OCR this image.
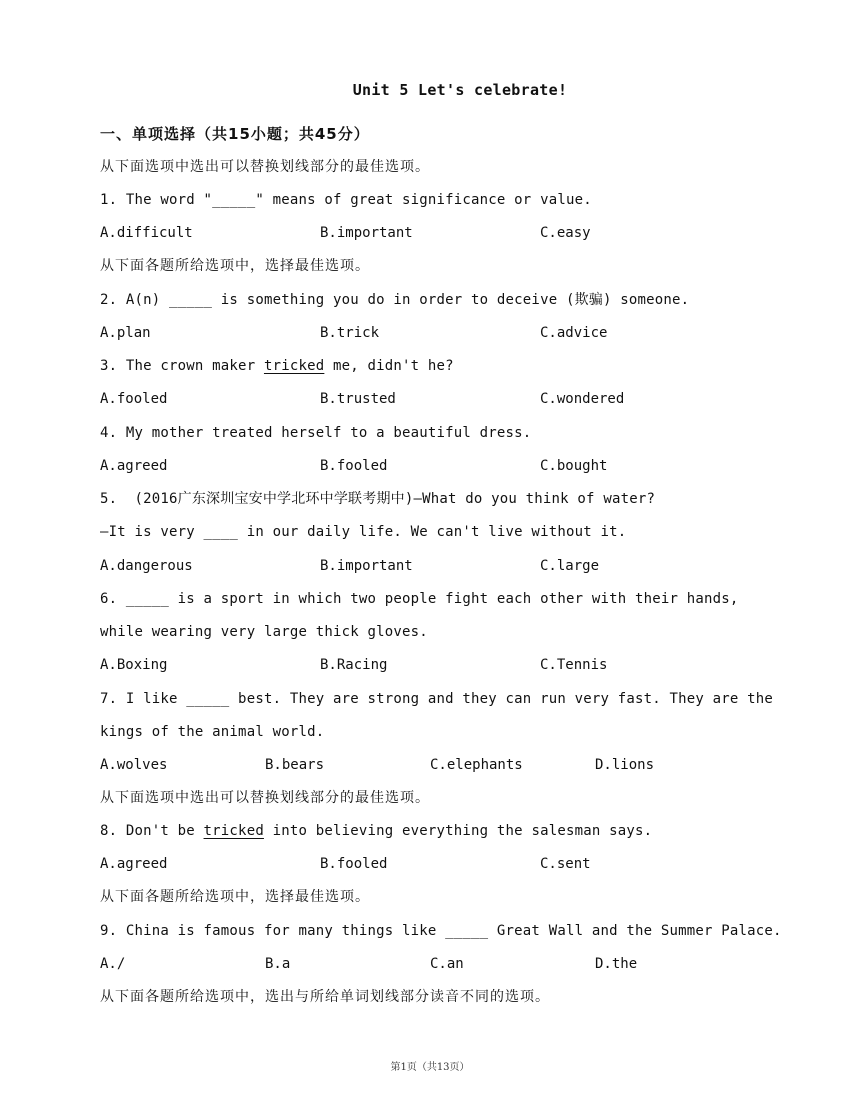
Unit 5 Let's celebrate!
一、单项选择（共15小题；共45分）
从下面选项中选出可以替换划线部分的最佳选项。
1. The word "_____" means of great significance or value.
A.difficult	B.important	C.easy
从下面各题所给选项中，选择最佳选项。
2. A(n) _____ is something you do in order to deceive (欺骗) someone.
A.plan	B.trick	C.advice
3. The crown maker tricked me, didn't he?
A.fooled	B.trusted	C.wondered
4. My mother treated herself to a beautiful dress.
A.agreed	B.fooled	C.bought
5.  (2016广东深圳宝安中学北环中学联考期中)—What do you think of water?
—It is very ____ in our daily life. We can't live without it.
A.dangerous	B.important	C.large
6. _____ is a sport in which two people fight each other with their hands,
while wearing very large thick gloves.
A.Boxing	B.Racing	C.Tennis
7. I like _____ best. They are strong and they can run very fast. They are the
kings of the animal world.
A.wolves	B.bears	C.elephants	D.lions
从下面选项中选出可以替换划线部分的最佳选项。
8. Don't be tricked into believing everything the salesman says.
A.agreed	B.fooled	C.sent
从下面各题所给选项中，选择最佳选项。
9. China is famous for many things like _____ Great Wall and the Summer Palace.
A./	B.a	C.an	D.the
从下面各题所给选项中，选出与所给单词划线部分读音不同的选项。
第1页（共13页）
